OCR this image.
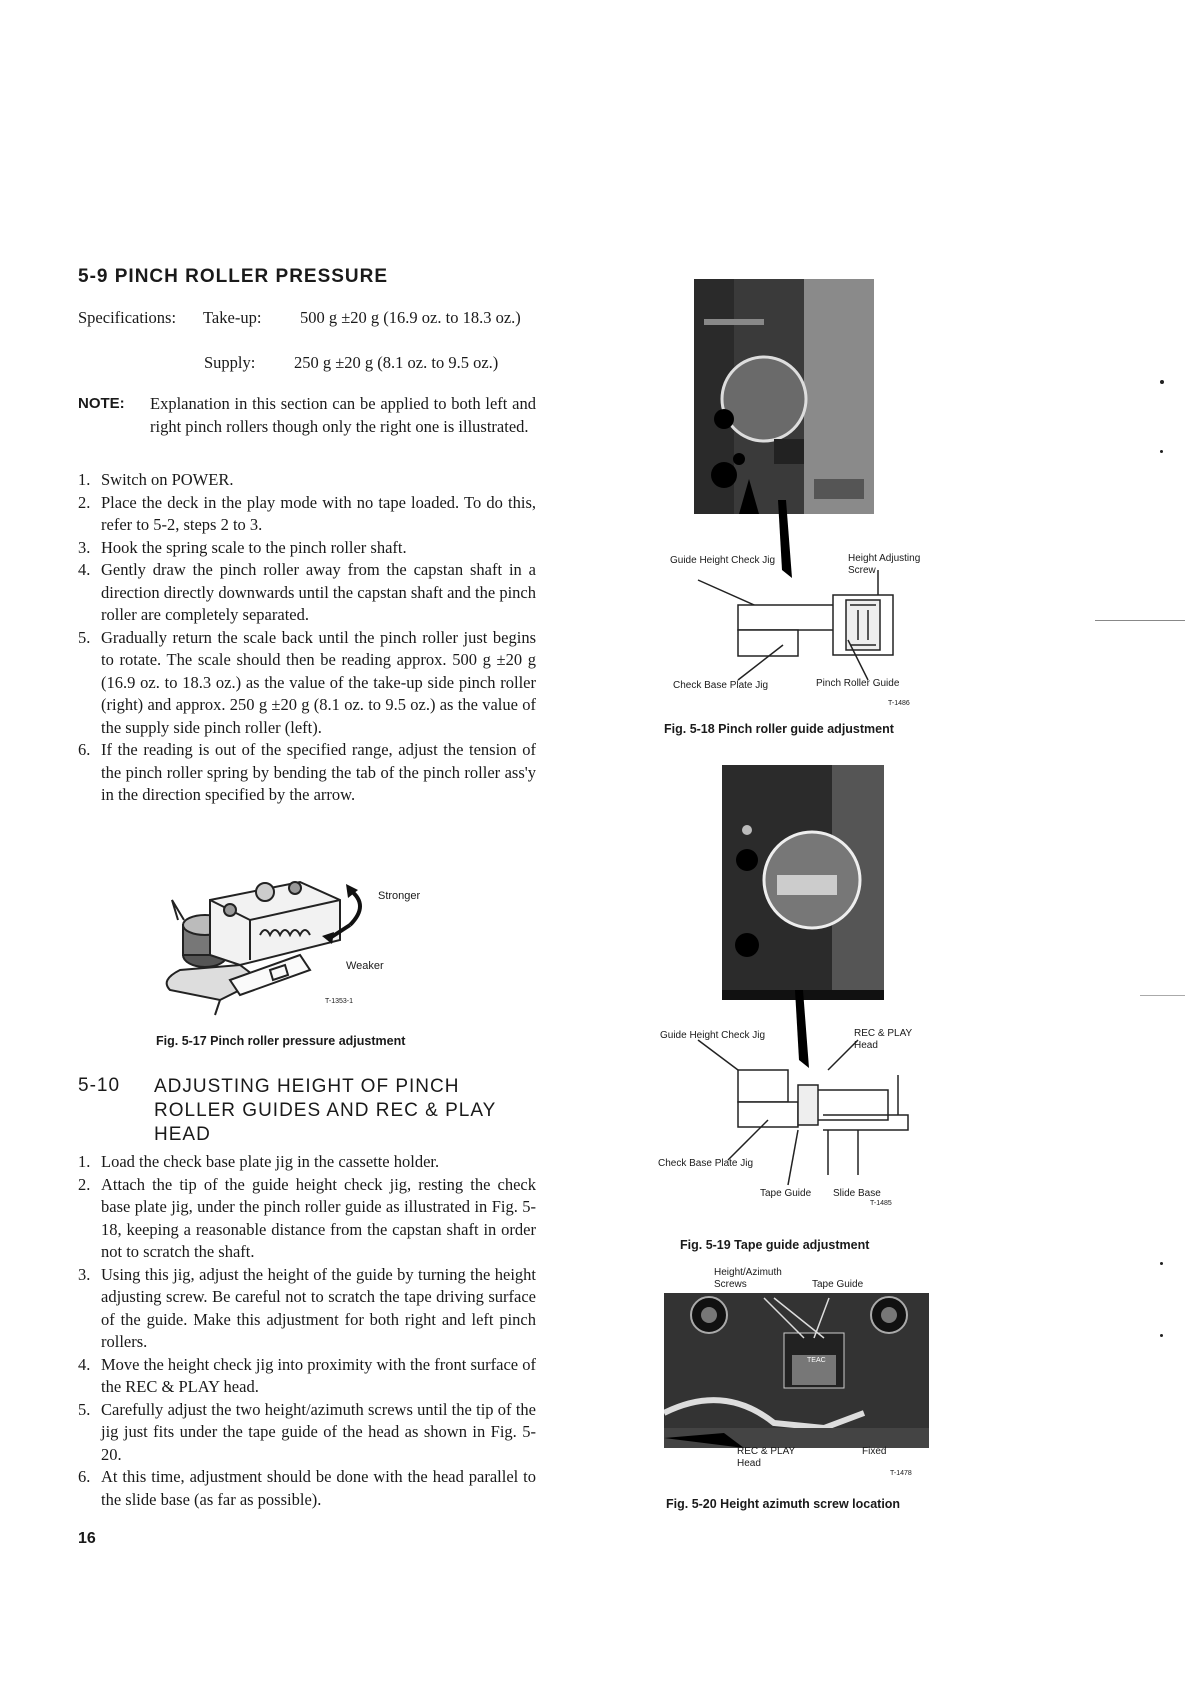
5-9 PINCH ROLLER PRESSURE
Specifications: Take-up: 500 g ±20 g (16.9 oz. to 18.3 oz.)
Supply: 250 g ±20 g (8.1 oz. to 9.5 oz.)
NOTE: Explanation in this section can be applied to both left and right pinch rollers though only the right one is illustrated.
1. Switch on POWER.
2. Place the deck in the play mode with no tape loaded. To do this, refer to 5-2, steps 2 to 3.
3. Hook the spring scale to the pinch roller shaft.
4. Gently draw the pinch roller away from the capstan shaft in a direction directly downwards until the capstan shaft and the pinch roller are completely separated.
5. Gradually return the scale back until the pinch roller just begins to rotate. The scale should then be reading approx. 500 g ±20 g (16.9 oz. to 18.3 oz.) as the value of the take-up side pinch roller (right) and approx. 250 g ±20 g (8.1 oz. to 9.5 oz.) as the value of the supply side pinch roller (left).
6. If the reading is out of the specified range, adjust the tension of the pinch roller spring by bending the tab of the pinch roller ass'y in the direction specified by the arrow.
Stronger
Weaker
T-1353-1
Fig. 5-17 Pinch roller pressure adjustment
5-10 ADJUSTING HEIGHT OF PINCH ROLLER GUIDES AND REC & PLAY HEAD
1. Load the check base plate jig in the cassette holder.
2. Attach the tip of the guide height check jig, resting the check base plate jig, under the pinch roller guide as illustrated in Fig. 5-18, keeping a reasonable distance from the capstan shaft in order not to scratch the shaft.
3. Using this jig, adjust the height of the guide by turning the height adjusting screw. Be careful not to scratch the tape driving surface of the guide. Make this adjustment for both right and left pinch rollers.
4. Move the height check jig into proximity with the front surface of the REC & PLAY head.
5. Carefully adjust the two height/azimuth screws until the tip of the jig just fits under the tape guide of the head as shown in Fig. 5-20.
6. At this time, adjustment should be done with the head parallel to the slide base (as far as possible).
16
Guide Height Check Jig	Height Adjusting Screw
Check Base Plate Jig	Pinch Roller Guide
T-1486
Fig. 5-18 Pinch roller guide adjustment
Guide Height Check Jig	REC & PLAY Head
Check Base Plate Jig
Tape Guide Slide Base
T-1485
Fig. 5-19 Tape guide adjustment
Height/Azimuth Screws	Tape Guide
TEAC
REC & PLAY Head
Fixed
T-1478
Fig. 5-20 Height azimuth screw location
